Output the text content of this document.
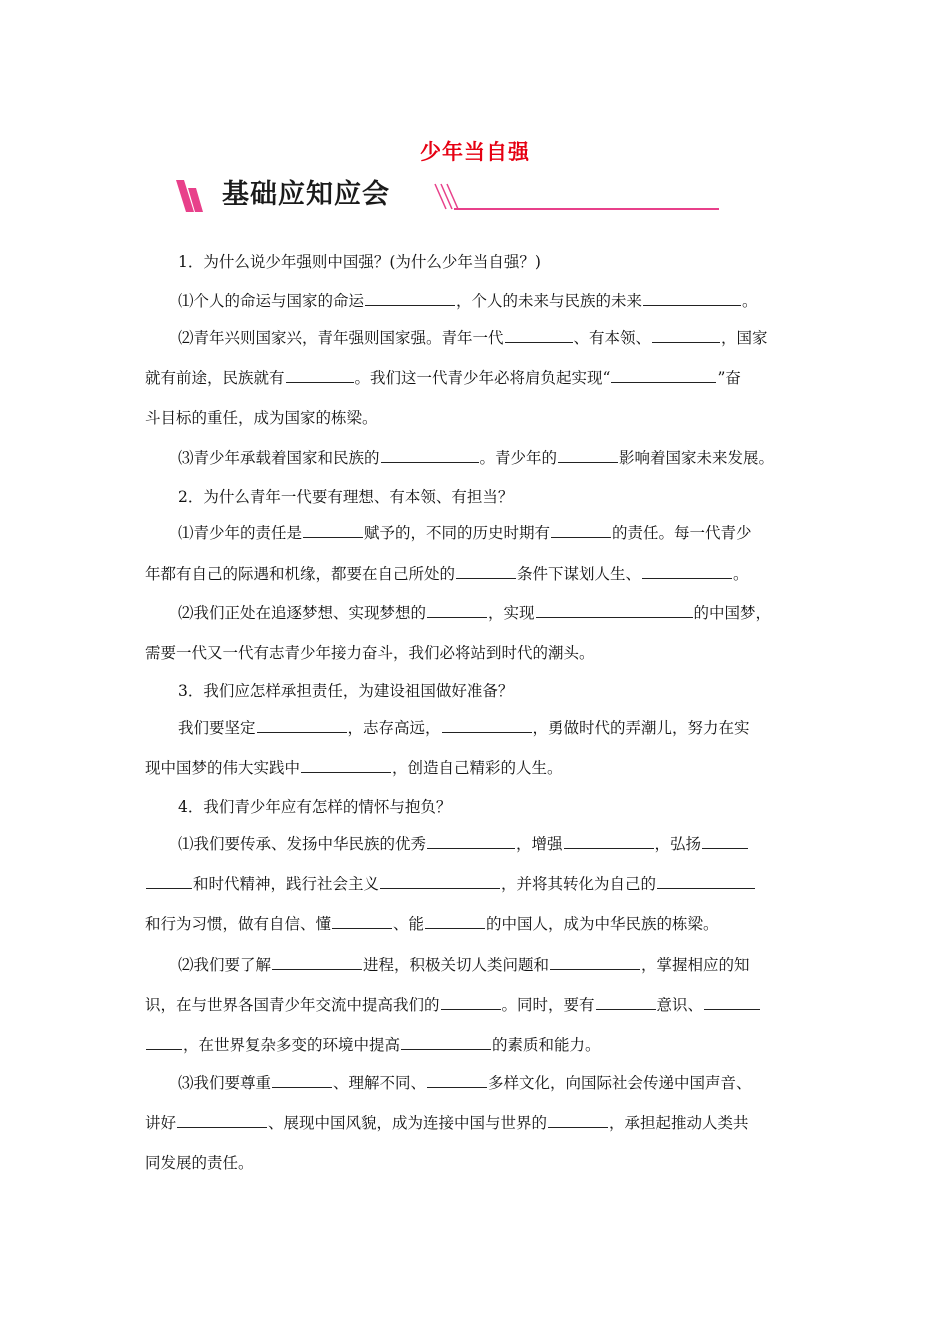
少年当自强
基础应知应会
1．为什么说少年强则中国强？(为什么少年当自强？)
⑴个人的命运与国家的命运	，个人的未来与民族的未来	。
⑵青年兴则国家兴，青年强则国家强。青年一代	、有本领、	，国家
就有前途，民族就有	。我们这一代青少年必将肩负起实现“	”奋
斗目标的重任，成为国家的栋梁。
⑶青少年承载着国家和民族的	。青少年的	影响着国家未来发展。
2．为什么青年一代要有理想、有本领、有担当？
⑴青少年的责任是	赋予的，不同的历史时期有	的责任。每一代青少
年都有自己的际遇和机缘，都要在自己所处的	条件下谋划人生、	。
⑵我们正处在追逐梦想、实现梦想的	，实现	的中国梦，
需要一代又一代有志青少年接力奋斗，我们必将站到时代的潮头。
3．我们应怎样承担责任，为建设祖国做好准备？
我们要坚定	，志存高远，	，勇做时代的弄潮儿，努力在实
现中国梦的伟大实践中	，创造自己精彩的人生。
4．我们青少年应有怎样的情怀与抱负？
⑴我们要传承、发扬中华民族的优秀	，增强	，弘扬
和时代精神，践行社会主义	，并将其转化为自己的
和行为习惯，做有自信、懂	、能	的中国人，成为中华民族的栋梁。
⑵我们要了解	进程，积极关切人类问题和	，掌握相应的知
识，在与世界各国青少年交流中提高我们的	。同时，要有	意识、
，在世界复杂多变的环境中提高	的素质和能力。
⑶我们要尊重	、理解不同、	多样文化，向国际社会传递中国声音、
讲好	、展现中国风貌，成为连接中国与世界的	，承担起推动人类共
同发展的责任。
